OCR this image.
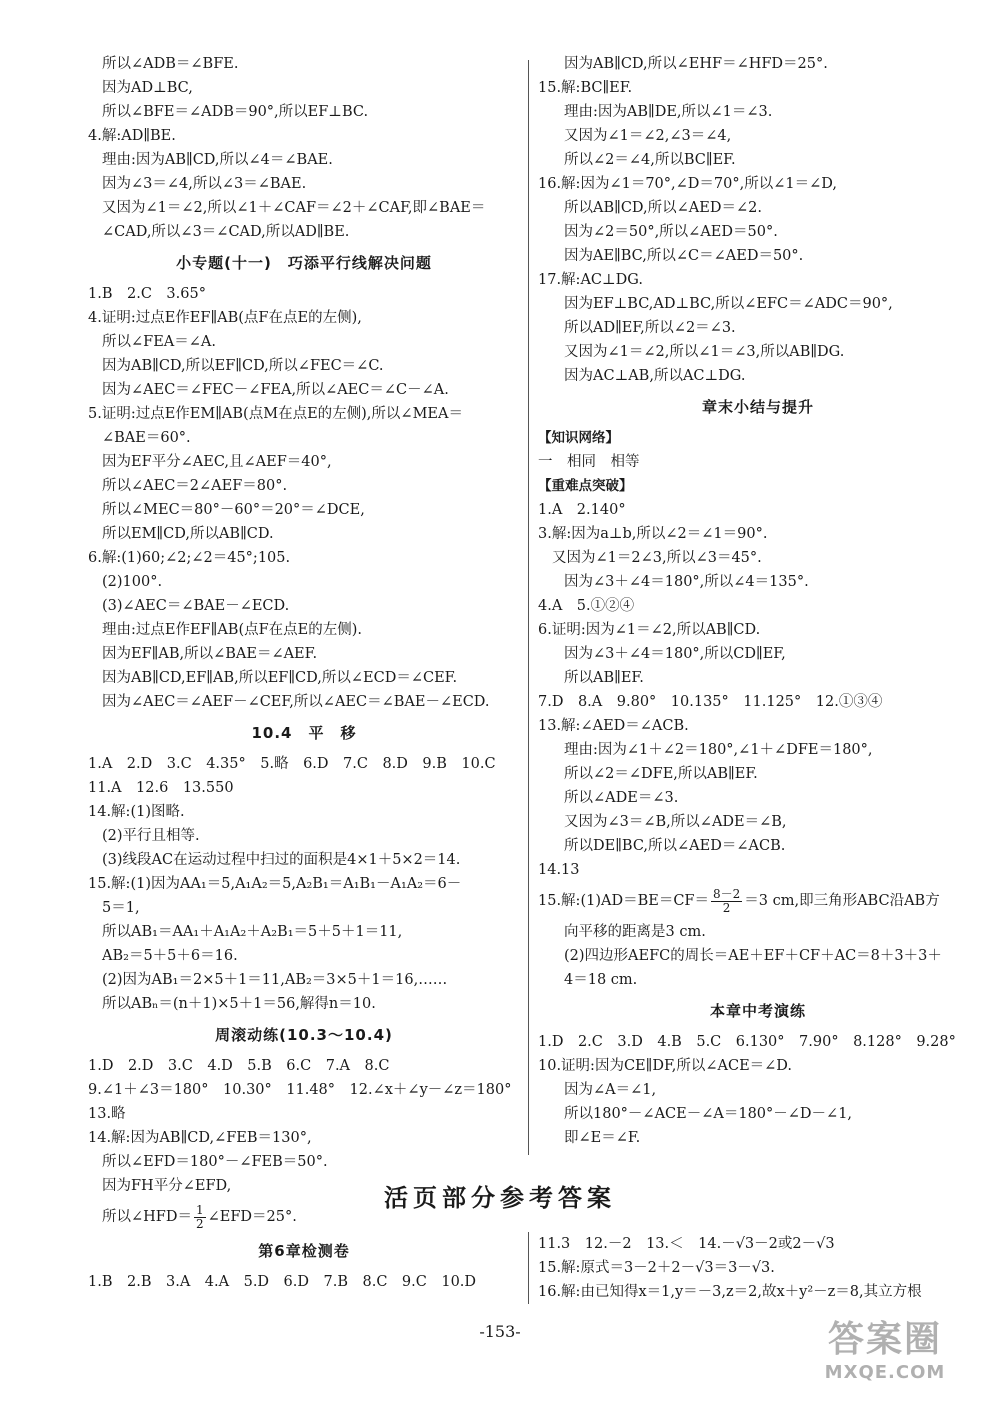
所以∠ADB＝∠BFE.
因为AD⊥BC,
所以∠BFE＝∠ADB＝90°,所以EF⊥BC.
4.解:AD∥BE.
理由:因为AB∥CD,所以∠4＝∠BAE.
因为∠3＝∠4,所以∠3＝∠BAE.
又因为∠1＝∠2,所以∠1＋∠CAF＝∠2＋∠CAF,即∠BAE＝
∠CAD,所以∠3＝∠CAD,所以AD∥BE.
小专题(十一)　巧添平行线解决问题
1.B　2.C　3.65°
4.证明:过点E作EF∥AB(点F在点E的左侧),
所以∠FEA＝∠A.
因为AB∥CD,所以EF∥CD,所以∠FEC＝∠C.
因为∠AEC＝∠FEC－∠FEA,所以∠AEC＝∠C－∠A.
5.证明:过点E作EM∥AB(点M在点E的左侧),所以∠MEA＝
∠BAE＝60°.
因为EF平分∠AEC,且∠AEF＝40°,
所以∠AEC＝2∠AEF＝80°.
所以∠MEC＝80°－60°＝20°＝∠DCE,
所以EM∥CD,所以AB∥CD.
6.解:(1)60;∠2;∠2＝45°;105.
(2)100°.
(3)∠AEC＝∠BAE－∠ECD.
理由:过点E作EF∥AB(点F在点E的左侧).
因为EF∥AB,所以∠BAE＝∠AEF.
因为AB∥CD,EF∥AB,所以EF∥CD,所以∠ECD＝∠CEF.
因为∠AEC＝∠AEF－∠CEF,所以∠AEC＝∠BAE－∠ECD.
10.4　平　移
1.A　2.D　3.C　4.35°　5.略　6.D　7.C　8.D　9.B　10.C
11.A　12.6　13.550
14.解:(1)图略.
(2)平行且相等.
(3)线段AC在运动过程中扫过的面积是4×1＋5×2＝14.
15.解:(1)因为AA₁＝5,A₁A₂＝5,A₂B₁＝A₁B₁－A₁A₂＝6－
5＝1,
所以AB₁＝AA₁＋A₁A₂＋A₂B₁＝5＋5＋1＝11,
AB₂＝5＋5＋6＝16.
(2)因为AB₁＝2×5＋1＝11,AB₂＝3×5＋1＝16,……
所以ABₙ＝(n＋1)×5＋1＝56,解得n＝10.
周滚动练(10.3～10.4)
1.D　2.D　3.C　4.D　5.B　6.C　7.A　8.C
9.∠1＋∠3＝180°　10.30°　11.48°　12.∠x＋∠y－∠z＝180°
13.略
14.解:因为AB∥CD,∠FEB＝130°,
所以∠EFD＝180°－∠FEB＝50°.
因为FH平分∠EFD,
所以∠HFD＝ $\frac{1}{2}$ ∠EFD＝25°.
因为AB∥CD,所以∠EHF＝∠HFD＝25°.
15.解:BC∥EF.
理由:因为AB∥DE,所以∠1＝∠3.
又因为∠1＝∠2,∠3＝∠4,
所以∠2＝∠4,所以BC∥EF.
16.解:因为∠1＝70°,∠D＝70°,所以∠1＝∠D,
所以AB∥CD,所以∠AED＝∠2.
因为∠2＝50°,所以∠AED＝50°.
因为AE∥BC,所以∠C＝∠AED＝50°.
17.解:AC⊥DG.
因为EF⊥BC,AD⊥BC,所以∠EFC＝∠ADC＝90°,
所以AD∥EF,所以∠2＝∠3.
又因为∠1＝∠2,所以∠1＝∠3,所以AB∥DG.
因为AC⊥AB,所以AC⊥DG.
章末小结与提升
【知识网络】
一　相同　相等
【重难点突破】
1.A　2.140°
3.解:因为a⊥b,所以∠2＝∠1＝90°.
又因为∠1＝2∠3,所以∠3＝45°.
因为∠3＋∠4＝180°,所以∠4＝135°.
4.A　5.①②④
6.证明:因为∠1＝∠2,所以AB∥CD.
因为∠3＋∠4＝180°,所以CD∥EF,
所以AB∥EF.
7.D　8.A　9.80°　10.135°　11.125°　12.①③④
13.解:∠AED＝∠ACB.
理由:因为∠1＋∠2＝180°,∠1＋∠DFE＝180°,
所以∠2＝∠DFE,所以AB∥EF.
所以∠ADE＝∠3.
又因为∠3＝∠B,所以∠ADE＝∠B,
所以DE∥BC,所以∠AED＝∠ACB.
14.13
15.解:(1)AD＝BE＝CF＝ $\frac{8-2}{2} =3$ cm,即三角形ABC沿AB方
向平移的距离是3 cm.
(2)四边形AEFC的周长＝AE＋EF＋CF＋AC＝8＋3＋3＋
4＝18 cm.
本章中考演练
1.D　2.C　3.D　4.B　5.C　6.130°　7.90°　8.128°　9.28°
10.证明:因为CE∥DF,所以∠ACE＝∠D.
因为∠A＝∠1,
所以180°－∠ACE－∠A＝180°－∠D－∠1,
即∠E＝∠F.
活页部分参考答案
第6章检测卷
1.B　2.B　3.A　4.A　5.D　6.D　7.B　8.C　9.C　10.D
11.3　12.－2　13.＜　14.－√3－2或2－√3
15.解:原式＝3－2＋2－√3＝3－√3.
16.解:由已知得x＝1,y＝－3,z＝2,故x＋y²－z＝8,其立方根
-153-	答案圈
MXQE.COM
